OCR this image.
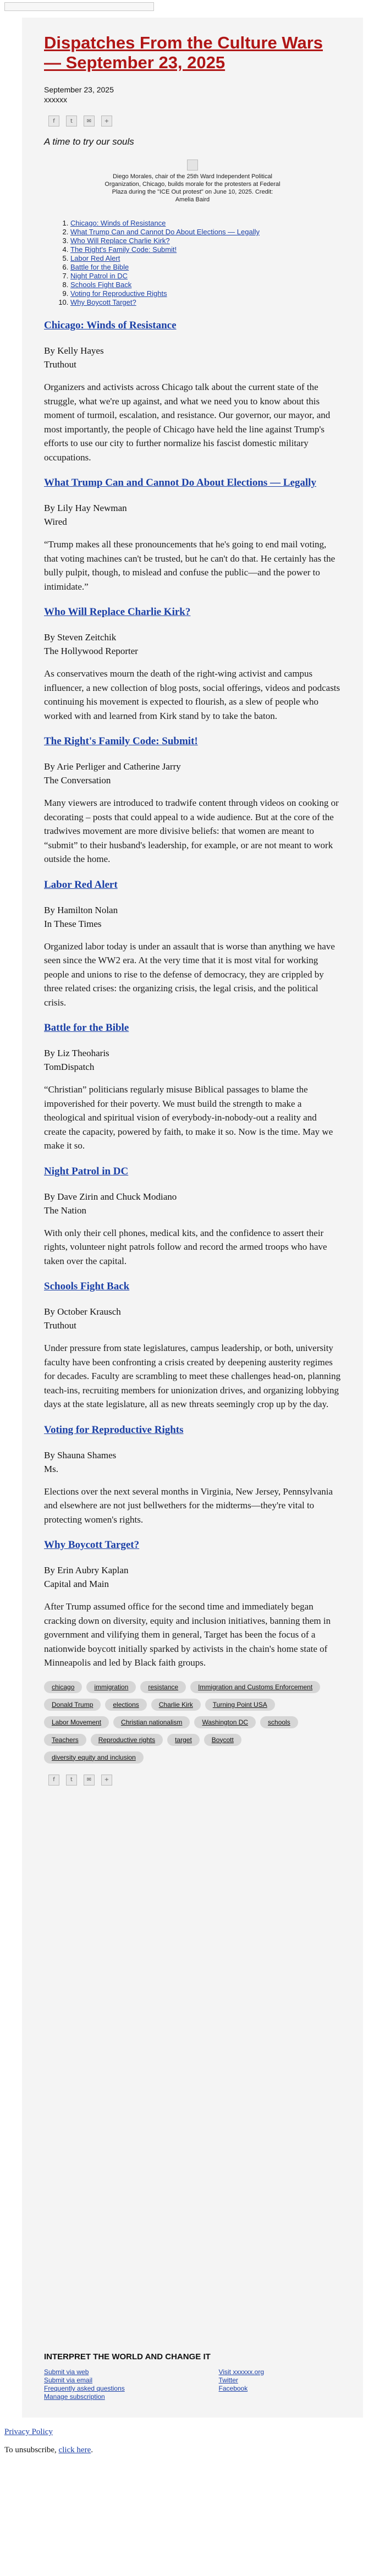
Dispatches From the Culture Wars — September 23, 2025
September 23, 2025
xxxxxx
f	t	✉	+
A time to try our souls
Diego Morales, chair of the 25th Ward Independent Political Organization, Chicago, builds morale for the protesters at Federal Plaza during the "ICE Out protest" on June 10, 2025. Credit: Amelia Baird
1. Chicago: Winds of Resistance
2. What Trump Can and Cannot Do About Elections — Legally
3. Who Will Replace Charlie Kirk?
4. The Right's Family Code: Submit!
5. Labor Red Alert
6. Battle for the Bible
7. Night Patrol in DC
8. Schools Fight Back
9. Voting for Reproductive Rights
10. Why Boycott Target?
Chicago: Winds of Resistance
By Kelly Hayes
Truthout
Organizers and activists across Chicago talk about the current state of the struggle, what we're up against, and what we need you to know about this moment of turmoil, escalation, and resistance. Our governor, our mayor, and most importantly, the people of Chicago have held the line against Trump's efforts to use our city to further normalize his fascist domestic military occupations.
What Trump Can and Cannot Do About Elections — Legally
By Lily Hay Newman
Wired
“Trump makes all these pronouncements that he's going to end mail voting, that voting machines can't be trusted, but he can't do that. He certainly has the bully pulpit, though, to mislead and confuse the public—and the power to intimidate.”
Who Will Replace Charlie Kirk?
By Steven Zeitchik
The Hollywood Reporter
As conservatives mourn the death of the right-wing activist and campus influencer, a new collection of blog posts, social offerings, videos and podcasts continuing his movement is expected to flourish, as a slew of people who worked with and learned from Kirk stand by to take the baton.
The Right's Family Code: Submit!
By Arie Perliger and Catherine Jarry
The Conversation
Many viewers are introduced to tradwife content through videos on cooking or decorating – posts that could appeal to a wide audience. But at the core of the tradwives movement are more divisive beliefs: that women are meant to “submit” to their husband's leadership, for example, or are not meant to work outside the home.
Labor Red Alert
By Hamilton Nolan
In These Times
Organized labor today is under an assault that is worse than anything we have seen since the WW2 era. At the very time that it is most vital for working people and unions to rise to the defense of democracy, they are crippled by three related crises: the organizing crisis, the legal crisis, and the political crisis.
Battle for the Bible
By Liz Theoharis
TomDispatch
“Christian” politicians regularly misuse Biblical passages to blame the impoverished for their poverty. We must build the strength to make a theological and spiritual vision of everybody-in-nobody-out a reality and create the capacity, powered by faith, to make it so. Now is the time. May we make it so.
Night Patrol in DC
By Dave Zirin and Chuck Modiano
The Nation
With only their cell phones, medical kits, and the confidence to assert their rights, volunteer night patrols follow and record the armed troops who have taken over the capital.
Schools Fight Back
By October Krausch
Truthout
Under pressure from state legislatures, campus leadership, or both, university faculty have been confronting a crisis created by deepening austerity regimes for decades. Faculty are scrambling to meet these challenges head-on, planning teach-ins, recruiting members for unionization drives, and organizing lobbying days at the state legislature, all as new threats seemingly crop up by the day.
Voting for Reproductive Rights
By Shauna Shames
Ms.
Elections over the next several months in Virginia, New Jersey, Pennsylvania and elsewhere are not just bellwethers for the midterms—they're vital to protecting women's rights.
Why Boycott Target?
By Erin Aubry Kaplan
Capital and Main
After Trump assumed office for the second time and immediately began cracking down on diversity, equity and inclusion initiatives, banning them in government and vilifying them in general, Target has been the focus of a nationwide boycott initially sparked by activists in the chain's home state of Minneapolis and led by Black faith groups.
chicago	immigration	resistance	Immigration and Customs Enforcement
Donald Trump	elections	Charlie Kirk	Turning Point USA
Labor Movement	Christian nationalism	Washington DC	schools
Teachers	Reproductive rights	target	Boycott
diversity equity and inclusion
f	t	✉	+
INTERPRET THE WORLD AND CHANGE IT
Submit via web
Submit via email
Frequently asked questions
Manage subscription
Visit xxxxxx.org
Twitter
Facebook

Privacy Policy

To unsubscribe, click here.
